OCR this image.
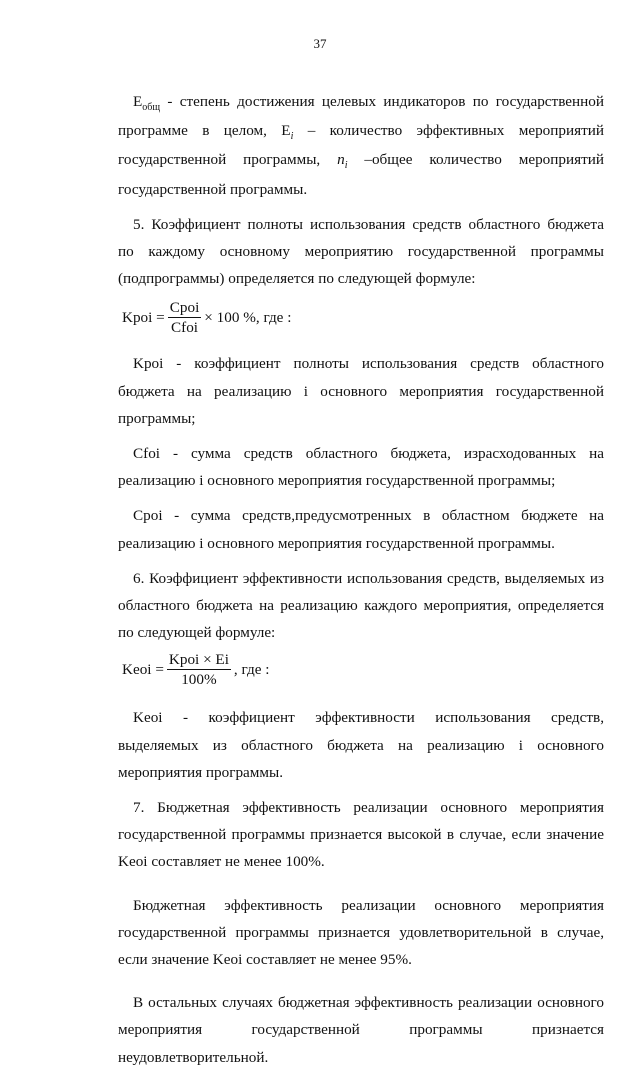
37

$E_{общ}$ - степень достижения целевых индикаторов по государственной программе в целом, $E_i$ – количество эффективных мероприятий государственной программы, $n_i$ –общее количество мероприятий государственной программы.

5. Коэффициент полноты использования средств областного бюджета по каждому основному мероприятию государственной программы (подпрограммы) определяется по следующей формуле:

Kpoi = $\frac{\text{Cpoi}}{\text{Cfoi}} \times 100$ %, где :

Kpoi - коэффициент полноты использования средств областного бюджета на реализацию i основного мероприятия государственной программы;

Cfoi - сумма средств областного бюджета, израсходованных на реализацию i основного мероприятия государственной программы;

Cpoi - сумма средств,предусмотренных в областном бюджете на реализацию i основного мероприятия государственной программы.

6. Коэффициент эффективности использования средств, выделяемых из областного бюджета на реализацию каждого мероприятия, определяется по следующей формуле:

Keoi = $\frac{\text{Kpoi × Ei}}{100\%}$ , где :

Keoi - коэффициент эффективности использования средств, выделяемых из областного бюджета на реализацию i основного мероприятия программы.

7. Бюджетная эффективность реализации основного мероприятия государственной программы признается высокой в случае, если значение Keoi составляет не менее 100%.

Бюджетная эффективность реализации основного мероприятия государственной программы признается удовлетворительной в случае, если значение Keoi составляет не менее 95%.

В остальных случаях бюджетная эффективность реализации основного мероприятия государственной программы признается неудовлетворительной.
